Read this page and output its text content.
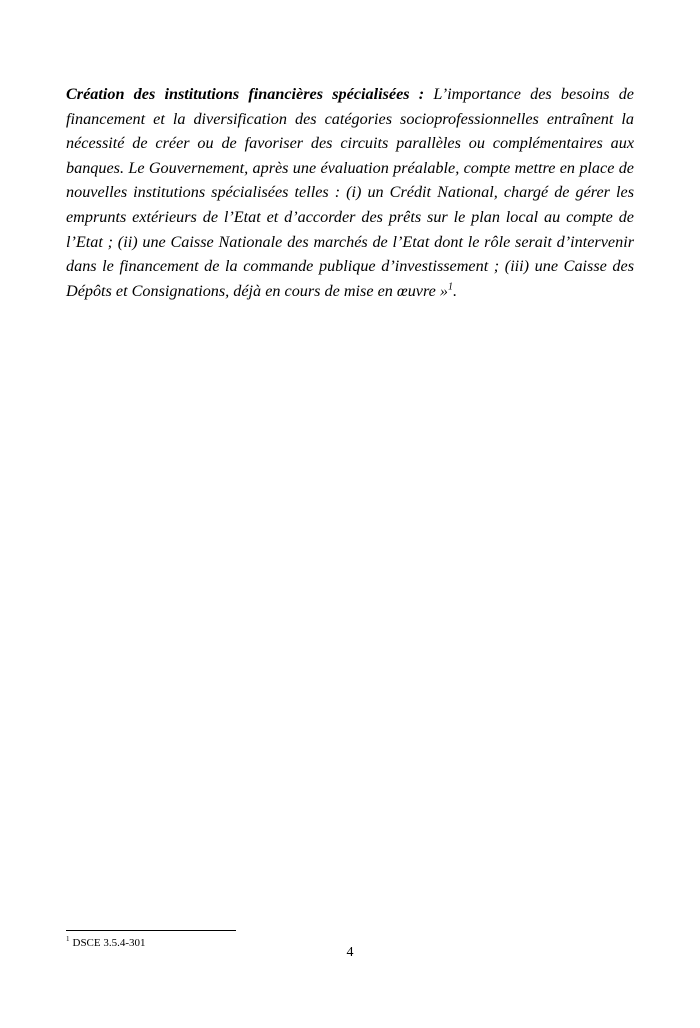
Création des institutions financières spécialisées : L’importance des besoins de financement et la diversification des catégories socioprofessionnelles entraînent la nécessité de créer ou de favoriser des circuits parallèles ou complémentaires aux banques. Le Gouvernement, après une évaluation préalable, compte mettre en place de nouvelles institutions spécialisées telles : (i) un Crédit National, chargé de gérer les emprunts extérieurs de l’Etat et d’accorder des prêts sur le plan local au compte de l’Etat ; (ii) une Caisse Nationale des marchés de l’Etat dont le rôle serait d’intervenir dans le financement de la commande publique d’investissement ; (iii) une Caisse des Dépôts et Consignations, déjà en cours de mise en œuvre »$^1$.

$^1$ DSCE 3.5.4-301
4
